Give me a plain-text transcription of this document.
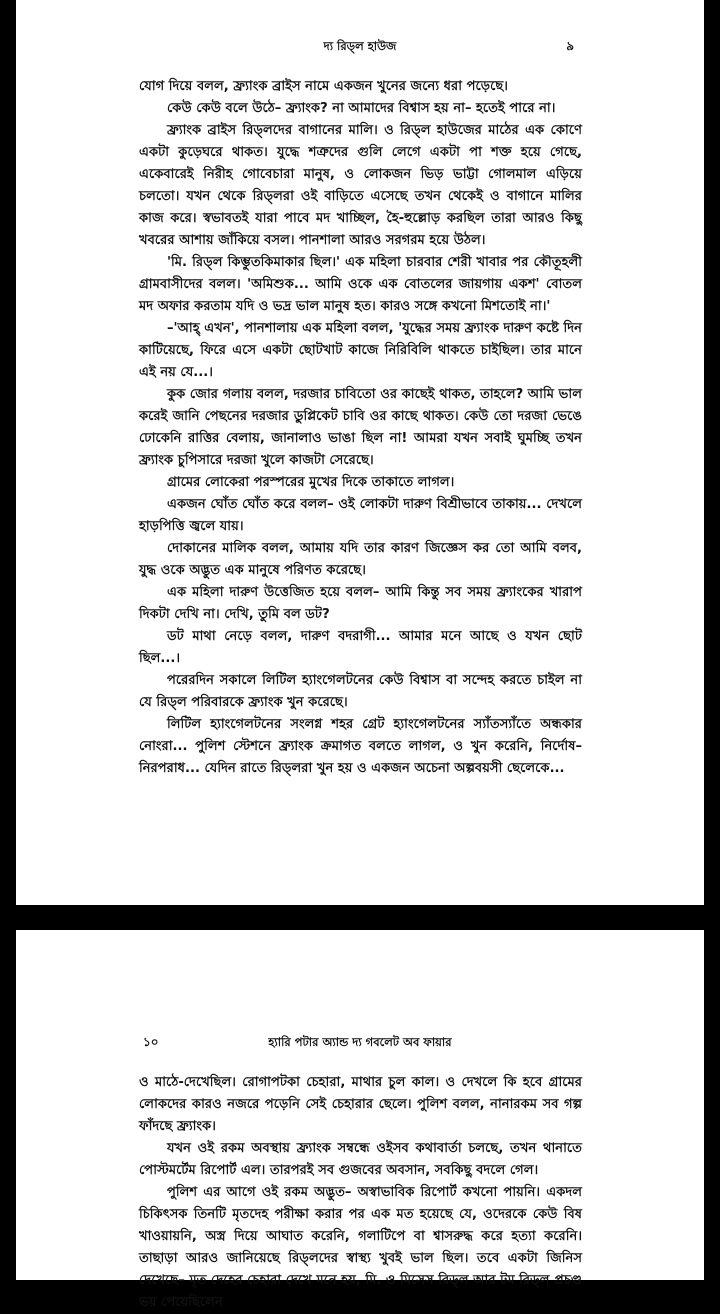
দ্য রিড্‌ল হাউজ	৯

যোগ দিয়ে বলল, ফ্র্যাংক ব্রাইস নামে একজন খুনের জন্যে ধরা পড়েছে।

কেউ কেউ বলে উঠে– ফ্র্যাংক? না আমাদের বিশ্বাস হয় না– হতেই পারে না।

ফ্র্যাংক ব্রাইস রিড্‌লদের বাগানের মালি। ও রিড্‌ল হাউজের মাঠের এক কোণে একটা কুড়েঘরে থাকত। যুদ্ধে শত্রুদের গুলি লেগে একটা পা শক্ত হয়ে গেছে, একেবারেই নিরীহ গোবেচারা মানুষ, ও লোকজন ভিড় ভাট্টা গোলমাল এড়িয়ে চলতো। যখন থেকে রিড্‌লরা ওই বাড়িতে এসেছে তখন থেকেই ও বাগানে মালির কাজ করে। স্বভাবতই যারা পাবে মদ খাচ্ছিল, হৈ-হুল্লোড় করছিল তারা আরও কিছু খবরের আশায় জাঁকিয়ে বসল। পানশালা আরও সরগরম হয়ে উঠল।

'মি. রিড্‌ল কিম্ভুতকিমাকার ছিল।' এক মহিলা চারবার শেরী খাবার পর কৌতূহলী গ্রামবাসীদের বলল। 'অমিশুক... আমি ওকে এক বোতলের জায়গায় একশ' বোতল মদ অফার করতাম যদি ও ভদ্র ভাল মানুষ হত। কারও সঙ্গে কখনো মিশতোই না।'

–'আহ্‌ এখন', পানশালায় এক মহিলা বলল, 'যুদ্ধের সময় ফ্র্যাংক দারুণ কষ্টে দিন কাটিয়েছে, ফিরে এসে একটা ছোটখাট কাজে নিরিবিলি থাকতে চাইছিল। তার মানে এই নয় যে...।

কুক জোর গলায় বলল, দরজার চাবিতো ওর কাছেই থাকত, তাহলে? আমি ভাল করেই জানি পেছনের দরজার ডুপ্লিকেট চাবি ওর কাছে থাকত। কেউ তো দরজা ভেঙে ঢোকেনি রাত্তির বেলায়, জানালাও ভাঙা ছিল না! আমরা যখন সবাই ঘুমচ্ছি তখন ফ্র্যাংক চুপিসারে দরজা খুলে কাজটা সেরেছে।

গ্রামের লোকেরা পরস্পরের মুখের দিকে তাকাতে লাগল।

একজন ঘোঁত ঘোঁত করে বলল– ওই লোকটা দারুণ বিশ্রীভাবে তাকায়... দেখলে হাড়পিত্তি জ্বলে যায়।

দোকানের মালিক বলল, আমায় যদি তার কারণ জিজ্ঞেস কর তো আমি বলব, যুদ্ধ ওকে অদ্ভুত এক মানুষে পরিণত করেছে।

এক মহিলা দারুণ উত্তেজিত হয়ে বলল– আমি কিন্তু সব সময় ফ্র্যাংকের খারাপ দিকটা দেখি না। দেখি, তুমি বল ডট?

ডট মাথা নেড়ে বলল, দারুণ বদরাগী... আমার মনে আছে ও যখন ছোট ছিল...।

পরেরদিন সকালে লিটিল হ্যাংগেলটনের কেউ বিশ্বাস বা সন্দেহ করতে চাইল না যে রিড্‌ল পরিবারকে ফ্র্যাংক খুন করেছে।

লিটিল হ্যাংগেলটনের সংলগ্ন শহর গ্রেট হ্যাংগেলটনের স্যাঁতস্যাঁতে অন্ধকার নোংরা... পুলিশ স্টেশনে ফ্র্যাংক ক্রমাগত বলতে লাগল, ও খুন করেনি, নির্দোষ–নিরপরাধ... যেদিন রাতে রিড্‌লরা খুন হয় ও একজন অচেনা অল্পবয়সী ছেলেকে...

১০	হ্যারি পটার অ্যান্ড দ্য গবলেট অব ফায়ার

ও মাঠে-দেখেছিল। রোগাপটকা চেহারা, মাথার চুল কাল। ও দেখলে কি হবে গ্রামের লোকদের কারও নজরে পড়েনি সেই চেহারার ছেলে। পুলিশ বলল, নানারকম সব গল্প ফাঁদছে ফ্র্যাংক।

যখন ওই রকম অবস্থায় ফ্র্যাংক সম্বন্ধে ওইসব কথাবার্তা চলছে, তখন থানাতে পোস্টমর্টেম রিপোর্ট এল। তারপরই সব গুজবের অবসান, সবকিছু বদলে গেল।

পুলিশ এর আগে ওই রকম অদ্ভুত– অস্বাভাবিক রিপোর্ট কখনো পায়নি। একদল চিকিৎসক তিনটি মৃতদেহ পরীক্ষা করার পর এক মত হয়েছে যে, ওদেরকে কেউ বিষ খাওয়ায়নি, অস্ত্র দিয়ে আঘাত করেনি, গলাটিপে বা শ্বাসরুদ্ধ করে হত্যা করেনি। তাছাড়া আরও জানিয়েছে রিড্‌লদের স্বাস্থ্য খুবই ভাল ছিল। তবে একটা জিনিস দেখেছে– মৃত দেহের চেহারা দেখে মনে হয়, মি. ও মিসেস রিড্‌ল আর টম রিড্‌ল প্রচণ্ড ভয় পেয়েছিলেন
